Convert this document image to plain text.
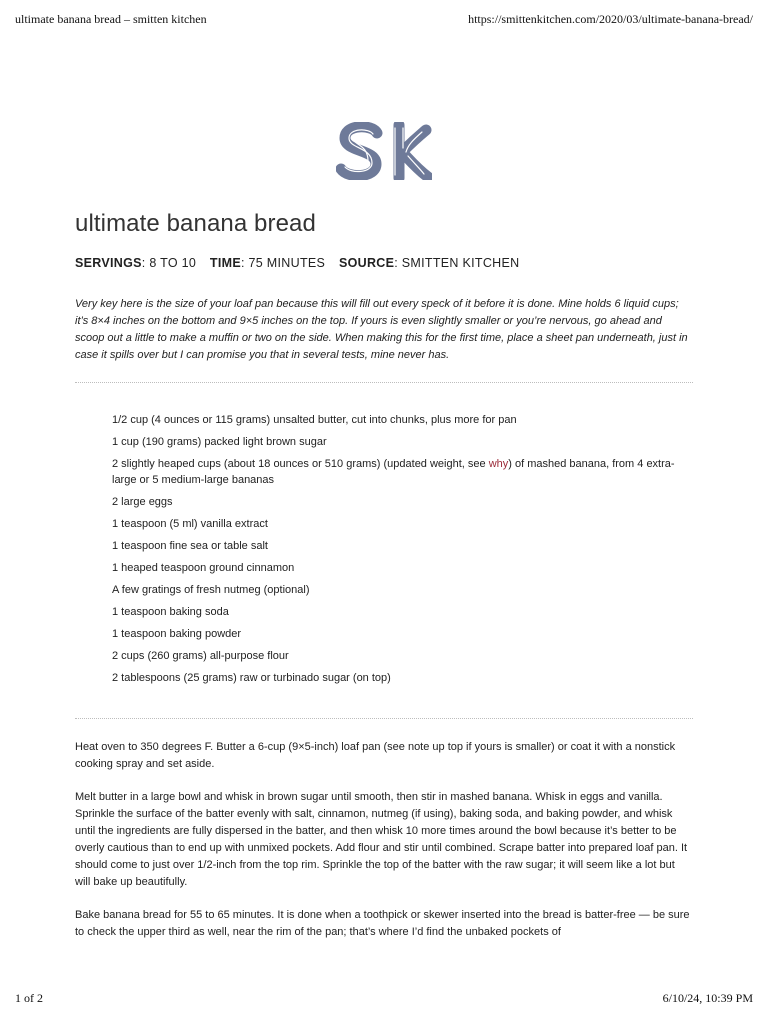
ultimate banana bread – smitten kitchen	https://smittenkitchen.com/2020/03/ultimate-banana-bread/
ultimate banana bread
SERVINGS: 8 TO 10 TIME: 75 MINUTES SOURCE: SMITTEN KITCHEN

Very key here is the size of your loaf pan because this will fill out every speck of it before it is done. Mine holds 6 liquid cups; it’s 8×4 inches on the bottom and 9×5 inches on the top. If yours is even slightly smaller or you’re nervous, go ahead and scoop out a little to make a muffin or two on the side. When making this for the first time, place a sheet pan underneath, just in case it spills over but I can promise you that in several tests, mine never has.

1/2 cup (4 ounces or 115 grams) unsalted butter, cut into chunks, plus more for pan
1 cup (190 grams) packed light brown sugar
2 slightly heaped cups (about 18 ounces or 510 grams) (updated weight, see why) of mashed banana, from 4 extra-large or 5 medium-large bananas
2 large eggs
1 teaspoon (5 ml) vanilla extract
1 teaspoon fine sea or table salt
1 heaped teaspoon ground cinnamon
A few gratings of fresh nutmeg (optional)
1 teaspoon baking soda
1 teaspoon baking powder
2 cups (260 grams) all-purpose flour
2 tablespoons (25 grams) raw or turbinado sugar (on top)

Heat oven to 350 degrees F. Butter a 6-cup (9×5-inch) loaf pan (see note up top if yours is smaller) or coat it with a nonstick cooking spray and set aside.

Melt butter in a large bowl and whisk in brown sugar until smooth, then stir in mashed banana. Whisk in eggs and vanilla. Sprinkle the surface of the batter evenly with salt, cinnamon, nutmeg (if using), baking soda, and baking powder, and whisk until the ingredients are fully dispersed in the batter, and then whisk 10 more times around the bowl because it’s better to be overly cautious than to end up with unmixed pockets. Add flour and stir until combined. Scrape batter into prepared loaf pan. It should come to just over 1/2-inch from the top rim. Sprinkle the top of the batter with the raw sugar; it will seem like a lot but will bake up beautifully.

Bake banana bread for 55 to 65 minutes. It is done when a toothpick or skewer inserted into the bread is batter-free — be sure to check the upper third as well, near the rim of the pan; that’s where I’d find the unbaked pockets of

1 of 2	6/10/24, 10:39 PM
